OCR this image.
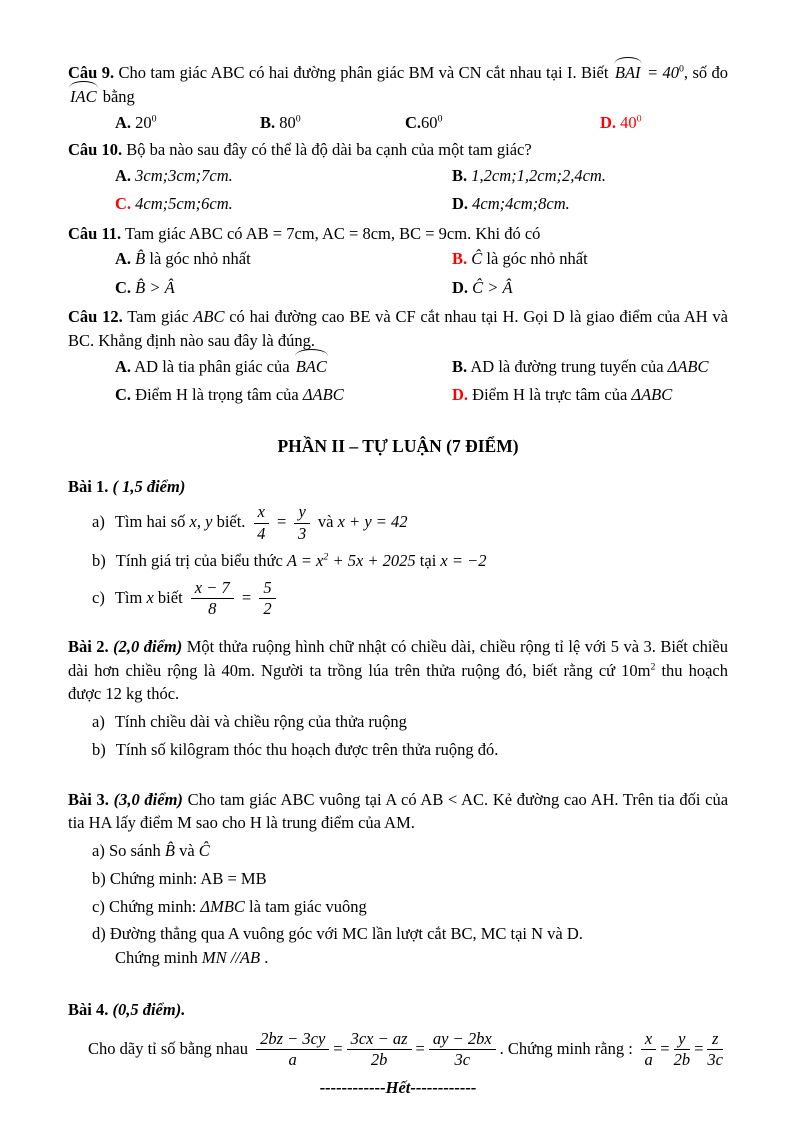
Câu 9. Cho tam giác ABC có hai đường phân giác BM và CN cắt nhau tại I. Biết BAI = $40^0$, số đo IAC bằng

A. $20^0$	B. $80^0$	$C.60^0$	D. $40^0$

Câu 10. Bộ ba nào sau đây có thể là độ dài ba cạnh của một tam giác?

A. 3cm;3cm;7cm.	B. 1,2cm;1,2cm;2,4cm.
C. 4cm;5cm;6cm.	D. 4cm;4cm;8cm.

Câu 11. Tam giác ABC có AB = 7cm, AC = 8cm, BC = 9cm. Khi đó có

A. B̂ là góc nhỏ nhất	B. Ĉ là góc nhỏ nhất
C. B̂ > Â	D. Ĉ > Â

Câu 12. Tam giác ABC có hai đường cao BE và CF cắt nhau tại H. Gọi D là giao điểm của AH và BC. Khẳng định nào sau đây là đúng.

A. AD là tia phân giác của BAC	B. AD là đường trung tuyến của ΔABC
C. Điểm H là trọng tâm của ΔABC	D. Điểm H là trực tâm của ΔABC
PHẦN II – TỰ LUẬN (7 ĐIỂM)

Bài 1. ( 1,5 điểm)

a) Tìm hai số x, y biết. $\frac{x}{4} = \frac{y}{3}$ và x + y = 42
b) Tính giá trị của biểu thức $A = x^2 + 5x + 2025$ tại x = −2
c) Tìm x biết $\frac{x - 7}{8} = \frac{5}{2}$

Bài 2. (2,0 điểm) Một thửa ruộng hình chữ nhật có chiều dài, chiều rộng tỉ lệ với 5 và 3. Biết chiều dài hơn chiều rộng là 40m. Người ta trồng lúa trên thửa ruộng đó, biết rằng cứ $10m^2$ thu hoạch được 12 kg thóc.

a) Tính chiều dài và chiều rộng của thửa ruộng
b) Tính số kilôgram thóc thu hoạch được trên thửa ruộng đó.

Bài 3. (3,0 điểm) Cho tam giác ABC vuông tại A có AB < AC. Kẻ đường cao AH. Trên tia đối của tia HA lấy điểm M sao cho H là trung điểm của AM.

a) So sánh B̂ và Ĉ
b) Chứng minh: AB = MB
c) Chứng minh: ΔMBC là tam giác vuông
d) Đường thẳng qua A vuông góc với MC lần lượt cắt BC, MC tại N và D.
Chứng minh MN //AB .

Bài 4. (0,5 điểm).

Cho dãy tỉ số bằng nhau $\frac{2bz - 3cy}{a} = \frac{3cx - az}{2b} = \frac{ay - 2bx}{3c}$ . Chứng minh rằng : $\frac{x}{a} = \frac{y}{2b} = \frac{z}{3c}$

------------Hết------------
